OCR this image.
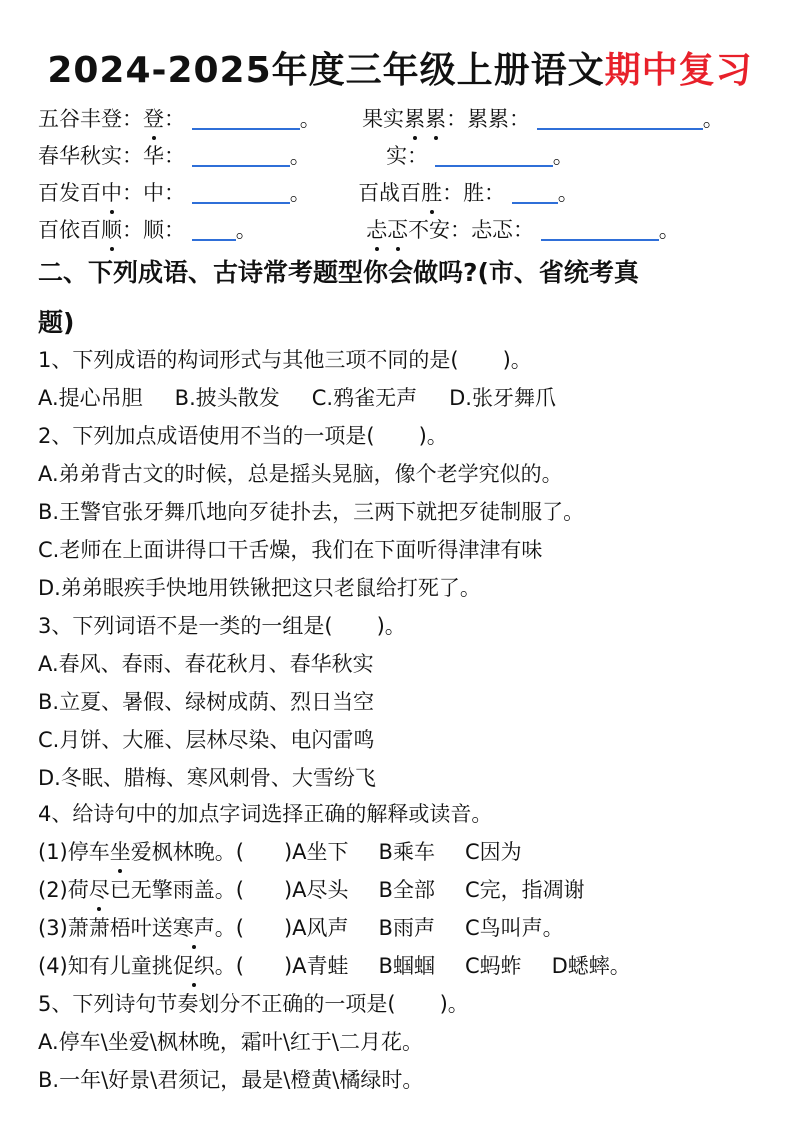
2024-2025年度三年级上册语文期中复习
五谷丰登：登：	。 果实累累：累累：	。
春华秋实：华：	。	实：	。
百发百中：中：	。 百战百胜：胜：	。
百依百顺：顺： 。	忐忑不安：忐忑：	。
二、下列成语、古诗常考题型你会做吗?(市、省统考真
题)
1、下列成语的构词形式与其他三项不同的是( )。
A.提心吊胆 B.披头散发 C.鸦雀无声 D.张牙舞爪
2、下列加点成语使用不当的一项是( )。
A.弟弟背古文的时候，总是摇头晃脑，像个老学究似的。
B.王警官张牙舞爪地向歹徒扑去，三两下就把歹徒制服了。
C.老师在上面讲得口干舌燥，我们在下面听得津津有味
D.弟弟眼疾手快地用铁锹把这只老鼠给打死了。
3、下列词语不是一类的一组是( )。
A.春风、春雨、春花秋月、春华秋实
B.立夏、暑假、绿树成荫、烈日当空
C.月饼、大雁、层林尽染、电闪雷鸣
D.冬眠、腊梅、寒风刺骨、大雪纷飞
4、给诗句中的加点字词选择正确的解释或读音。
(1)停车坐爱枫林晚。( )A坐下 B乘车 C因为
(2)荷尽已无擎雨盖。( )A尽头 B全部 C完，指凋谢
(3)萧萧梧叶送寒声。( )A风声 B雨声 C鸟叫声。
(4)知有儿童挑促织。( )A青蛙 B蝈蝈 C蚂蚱 D蟋蟀。
5、下列诗句节奏划分不正确的一项是( )。
A.停车\坐爱\枫林晚，霜叶\红于\二月花。
B.一年\好景\君须记，最是\橙黄\橘绿时。
